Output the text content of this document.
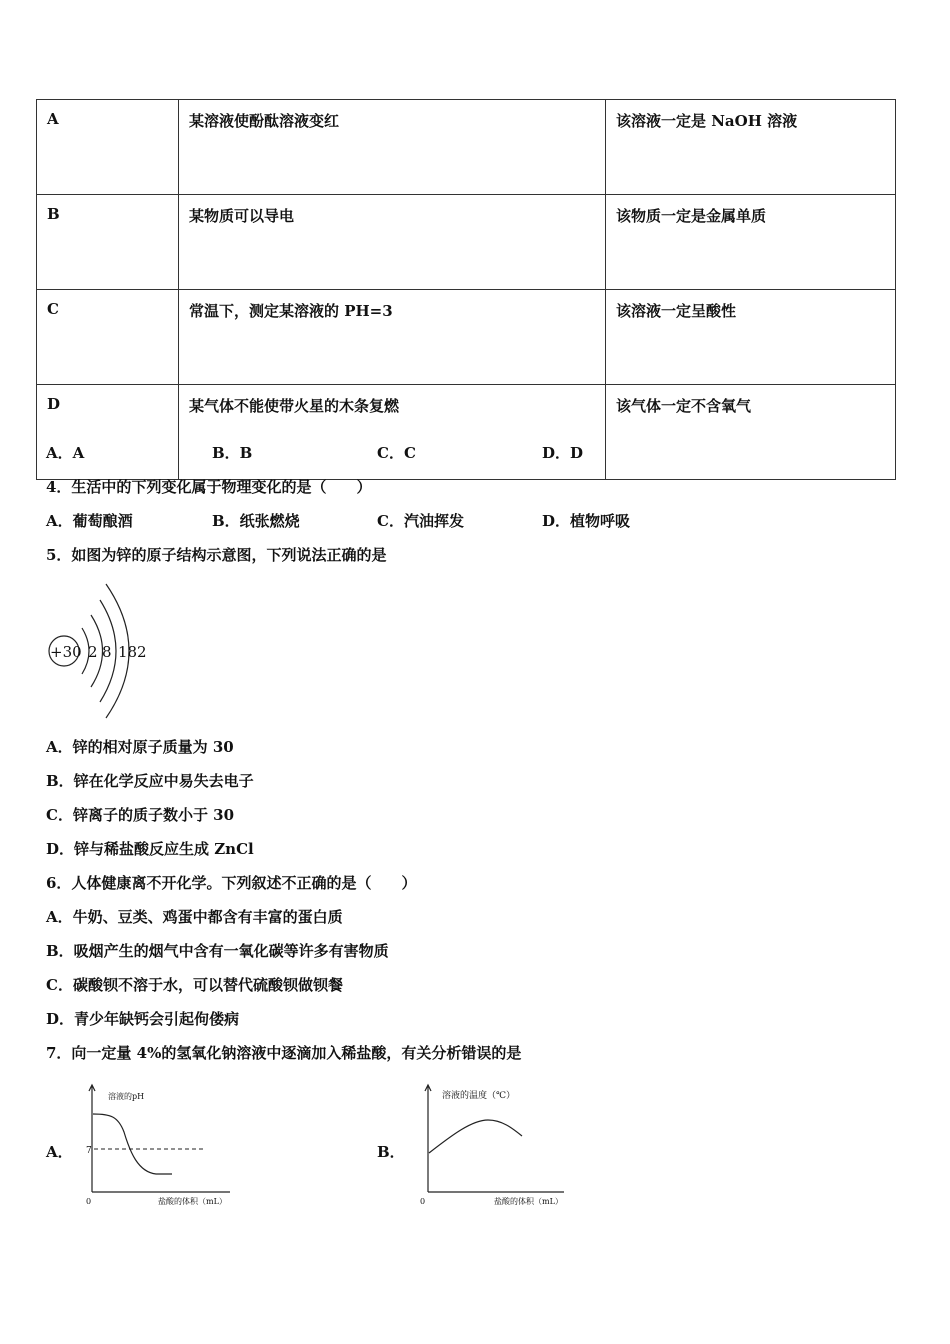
A	某溶液使酚酞溶液变红	该溶液一定是 NaOH 溶液
B	某物质可以导电	该物质一定是金属单质
C	常温下，测定某溶液的 PH=3	该溶液一定呈酸性
D	某气体不能使带火星的木条复燃	该气体一定不含氧气
A．A	B．B	C．C	D．D
4．生活中的下列变化属于物理变化的是（　　）
A．葡萄酿酒	B．纸张燃烧	C．汽油挥发	D．植物呼吸
5．如图为锌的原子结构示意图，下列说法正确的是
+30 2 8 18 2
A．锌的相对原子质量为 30
B．锌在化学反应中易失去电子
C．锌离子的质子数小于 30
D．锌与稀盐酸反应生成 ZnCl
6．人体健康离不开化学。下列叙述不正确的是（　　）
A．牛奶、豆类、鸡蛋中都含有丰富的蛋白质
B．吸烟产生的烟气中含有一氧化碳等许多有害物质
C．碳酸钡不溶于水，可以替代硫酸钡做钡餐
D．青少年缺钙会引起佝偻病
7．向一定量 4%的氢氧化钠溶液中逐滴加入稀盐酸，有关分析错误的是
A．
溶液的pH
7
0	盐酸的体积（mL）
B．
溶液的温度（℃）
0	盐酸的体积（mL）
